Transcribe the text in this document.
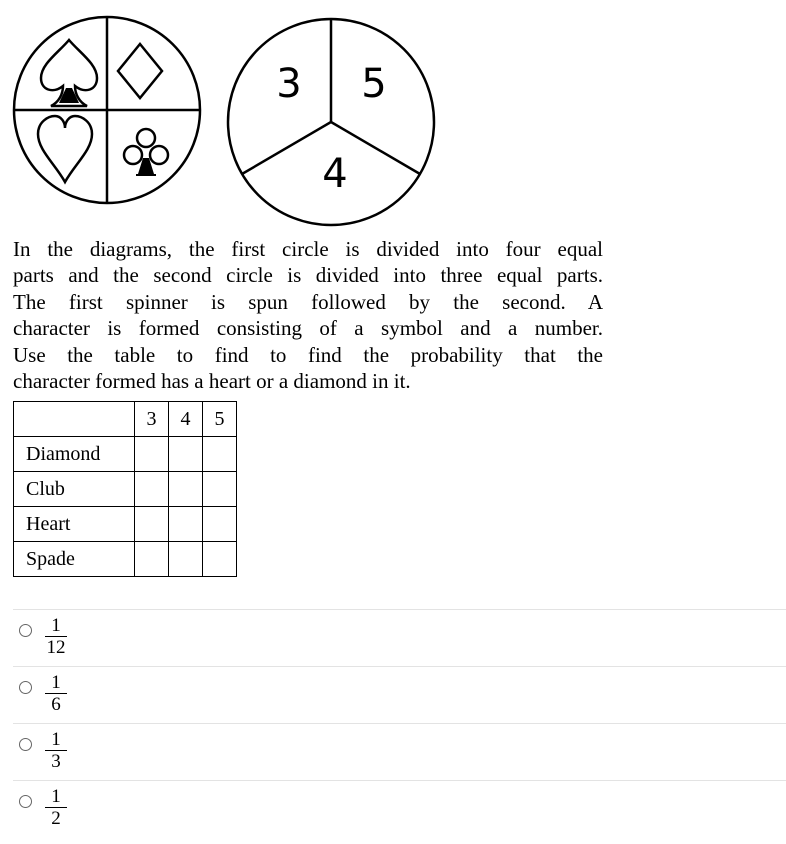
3 5
4
In the diagrams, the first circle is divided into four equal
parts and the second circle is divided into three equal parts.
The first spinner is spun followed by the second. A
character is formed consisting of a symbol and a number.
Use the table to find to find the probability that the
character formed has a heart or a diamond in it.
	3	4	5
Diamond			
Club			
Heart			
Spade			
1
12
1
6
1
3
1
2
